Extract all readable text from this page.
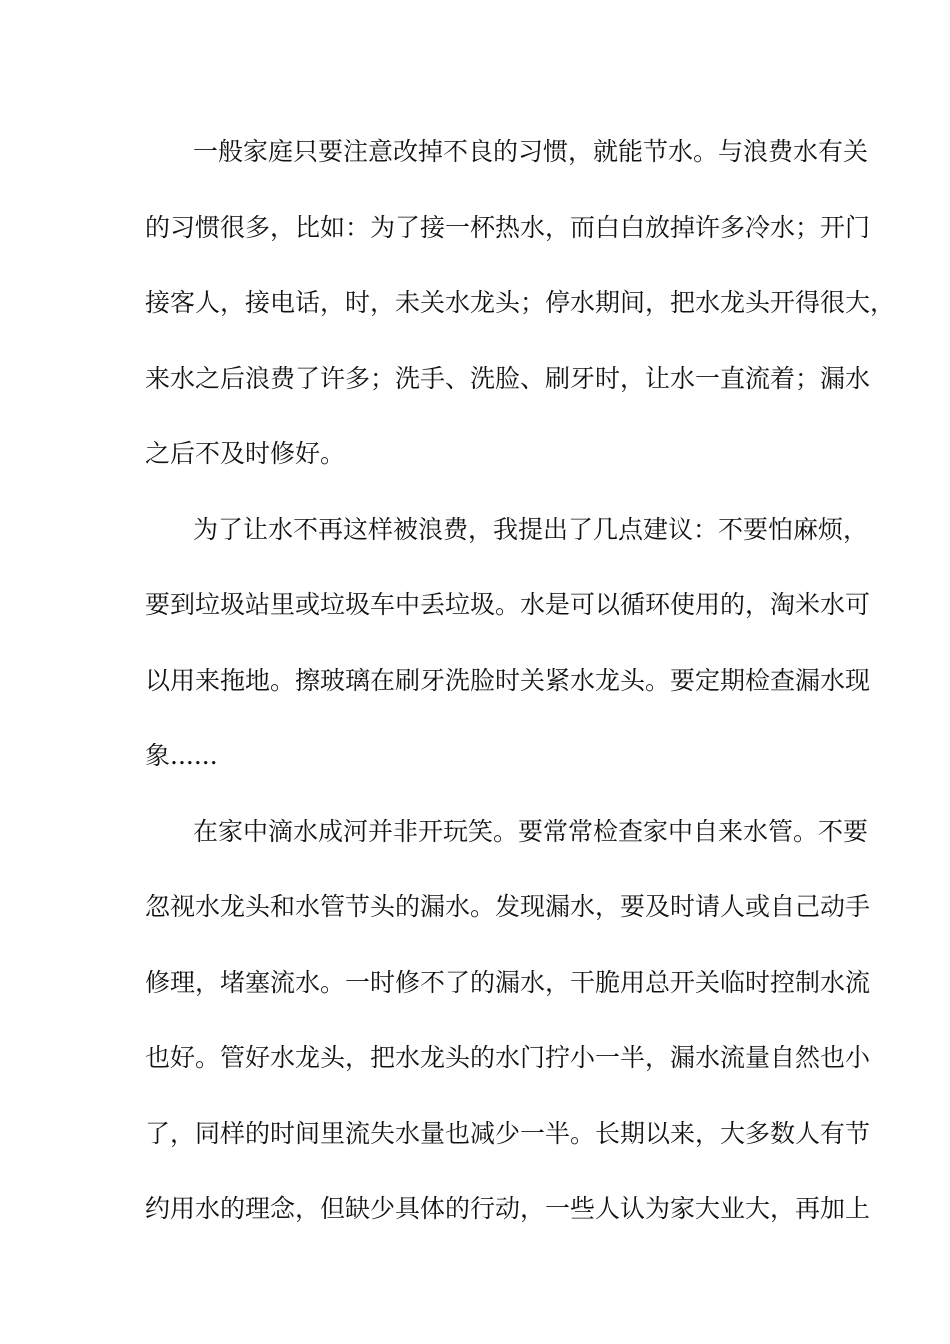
一般家庭只要注意改掉不良的习惯，就能节水。与浪费水有关
的习惯很多，比如：为了接一杯热水，而白白放掉许多冷水；开门
接客人，接电话，时，未关水龙头；停水期间，把水龙头开得很大，
来水之后浪费了许多；洗手、洗脸、刷牙时，让水一直流着；漏水
之后不及时修好。
为了让水不再这样被浪费，我提出了几点建议：不要怕麻烦，
要到垃圾站里或垃圾车中丢垃圾。水是可以循环使用的，淘米水可
以用来拖地。擦玻璃在刷牙洗脸时关紧水龙头。要定期检查漏水现
象......
在家中滴水成河并非开玩笑。要常常检查家中自来水管。不要
忽视水龙头和水管节头的漏水。发现漏水，要及时请人或自己动手
修理，堵塞流水。一时修不了的漏水，干脆用总开关临时控制水流
也好。管好水龙头，把水龙头的水门拧小一半，漏水流量自然也小
了，同样的时间里流失水量也减少一半。长期以来，大多数人有节
约用水的理念，但缺少具体的行动，一些人认为家大业大，再加上
